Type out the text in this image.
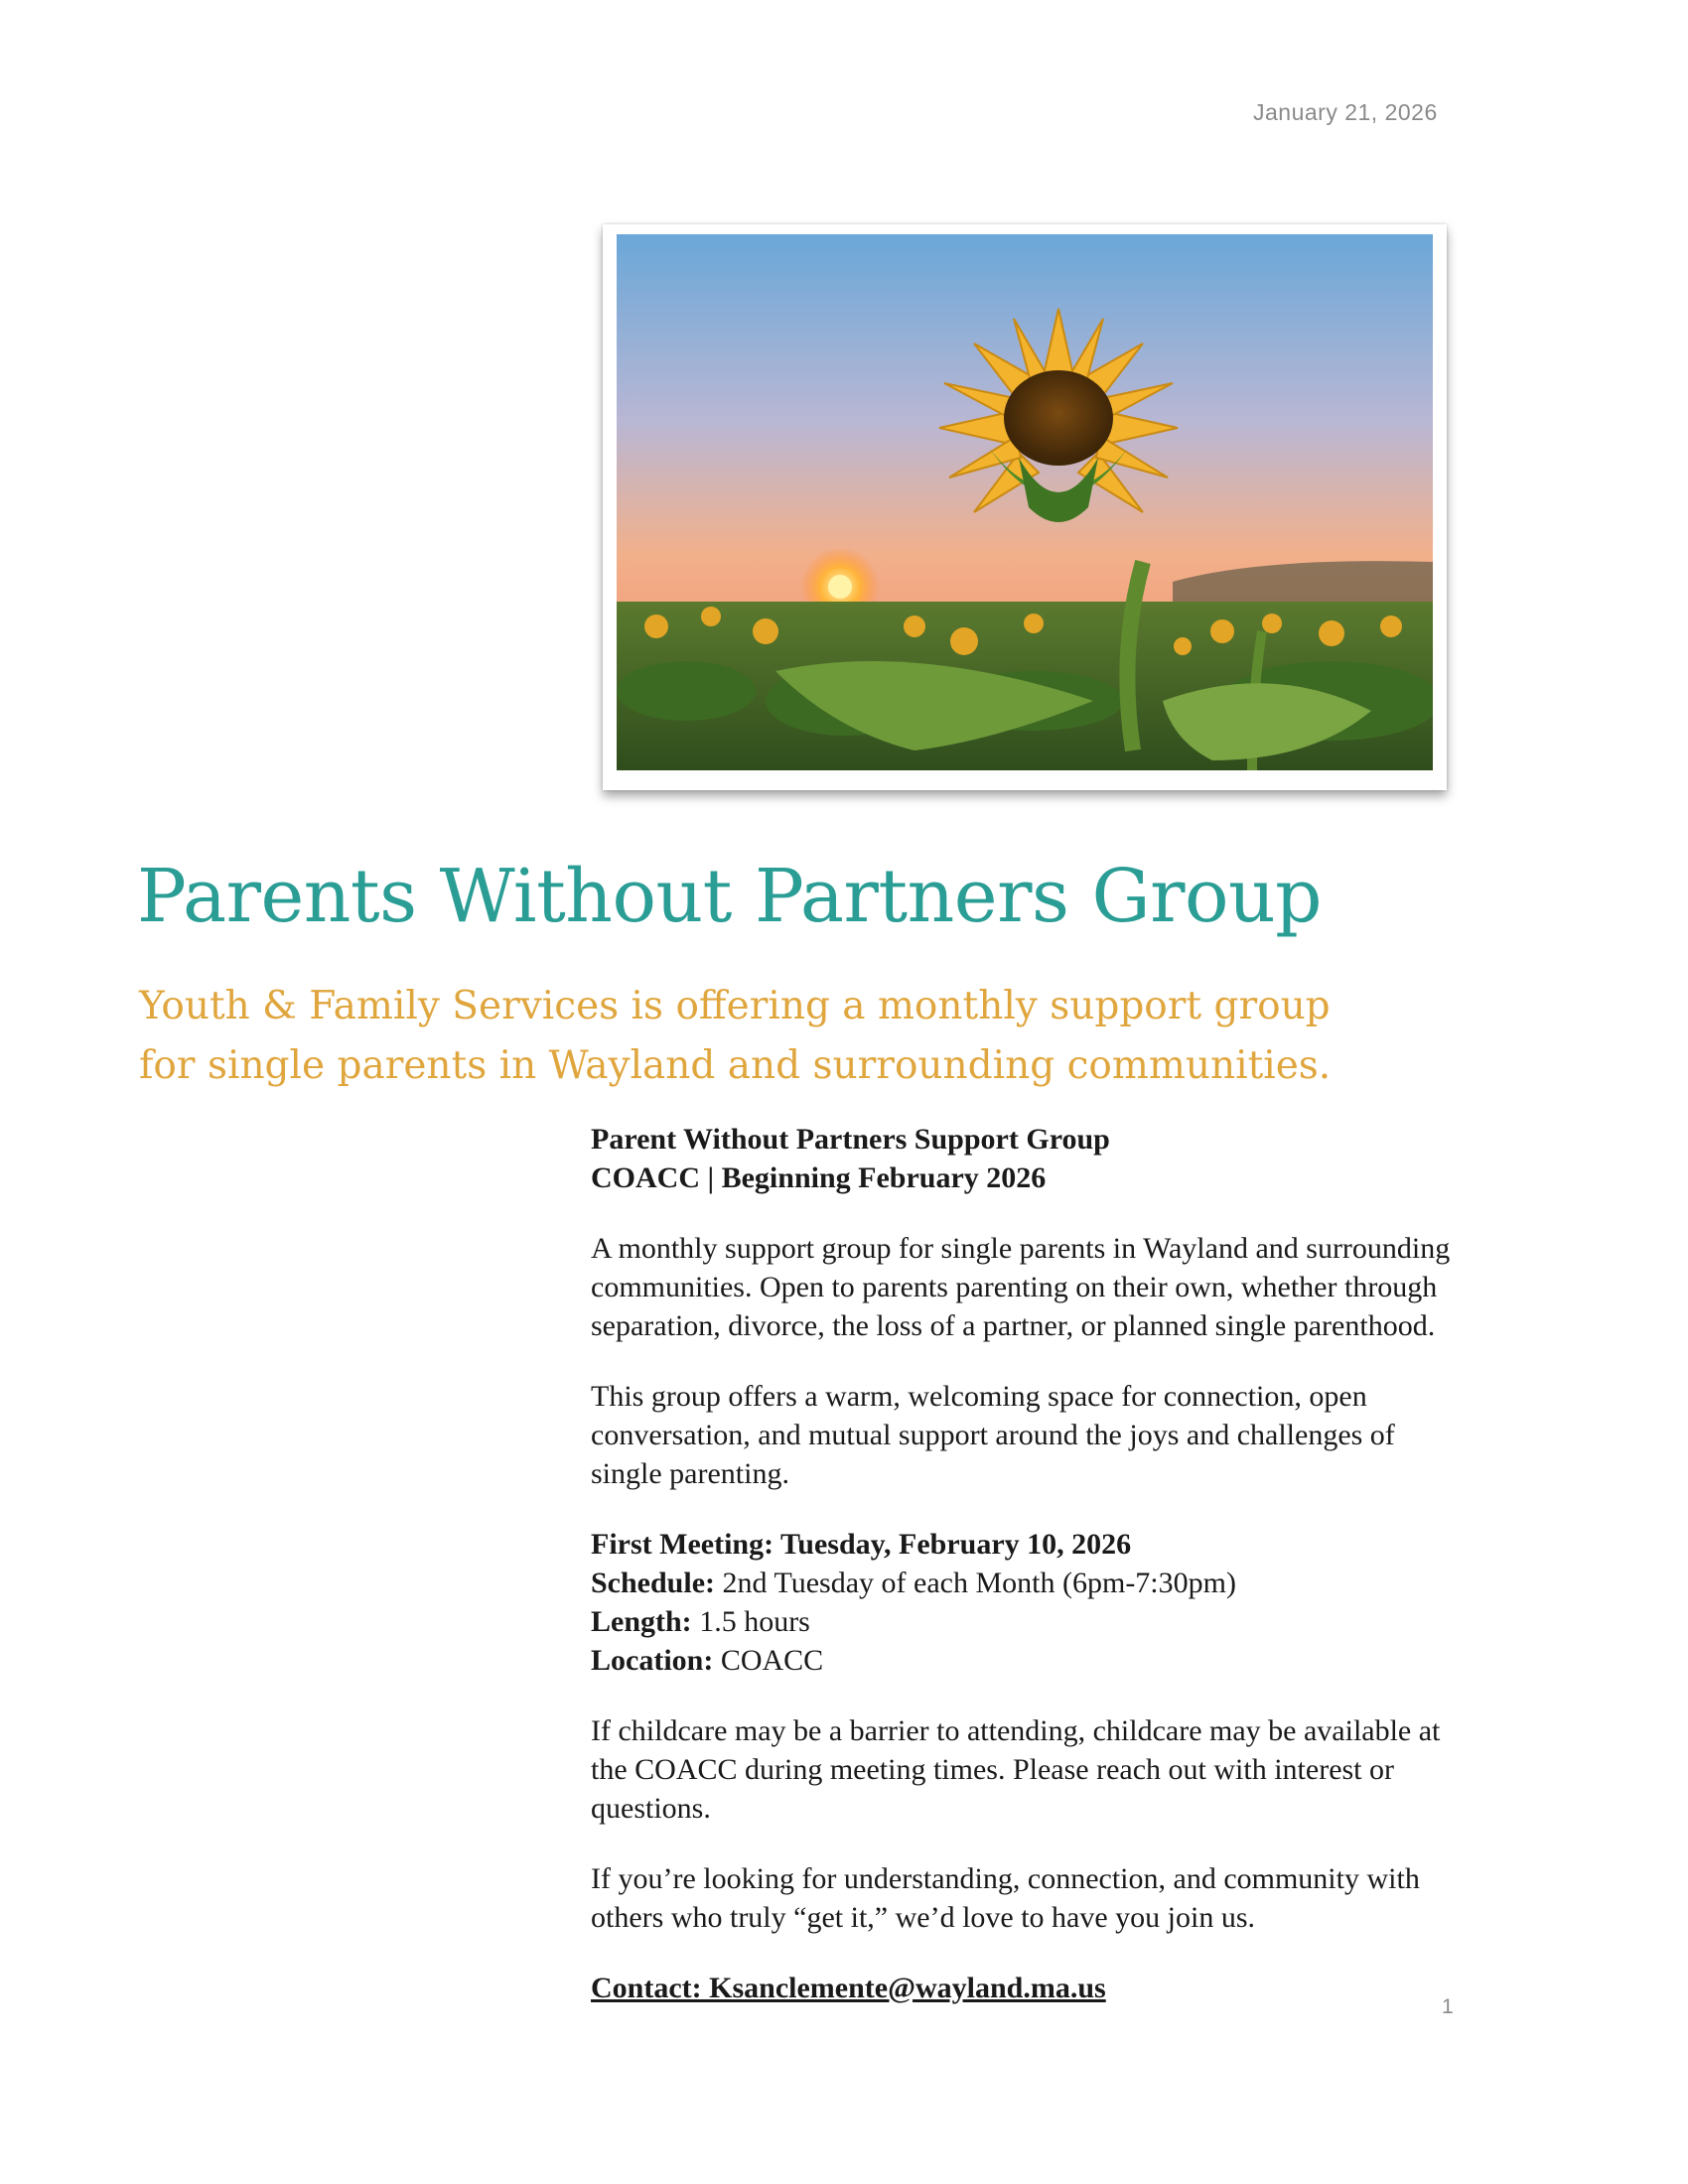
January 21, 2026
Parents Without Partners Group
Youth & Family Services is offering a monthly support group
for single parents in Wayland and surrounding communities.
Parent Without Partners Support Group
COACC | Beginning February 2026

A monthly support group for single parents in Wayland and surrounding communities. Open to parents parenting on their own, whether through separation, divorce, the loss of a partner, or planned single parenthood.

This group offers a warm, welcoming space for connection, open conversation, and mutual support around the joys and challenges of single parenting.

First Meeting: Tuesday, February 10, 2026
Schedule: 2nd Tuesday of each Month (6pm-7:30pm)
Length: 1.5 hours
Location: COACC

If childcare may be a barrier to attending, childcare may be available at the COACC during meeting times. Please reach out with interest or questions.

If you’re looking for understanding, connection, and community with others who truly “get it,” we’d love to have you join us.

Contact: Ksanclemente@wayland.ma.us
1
